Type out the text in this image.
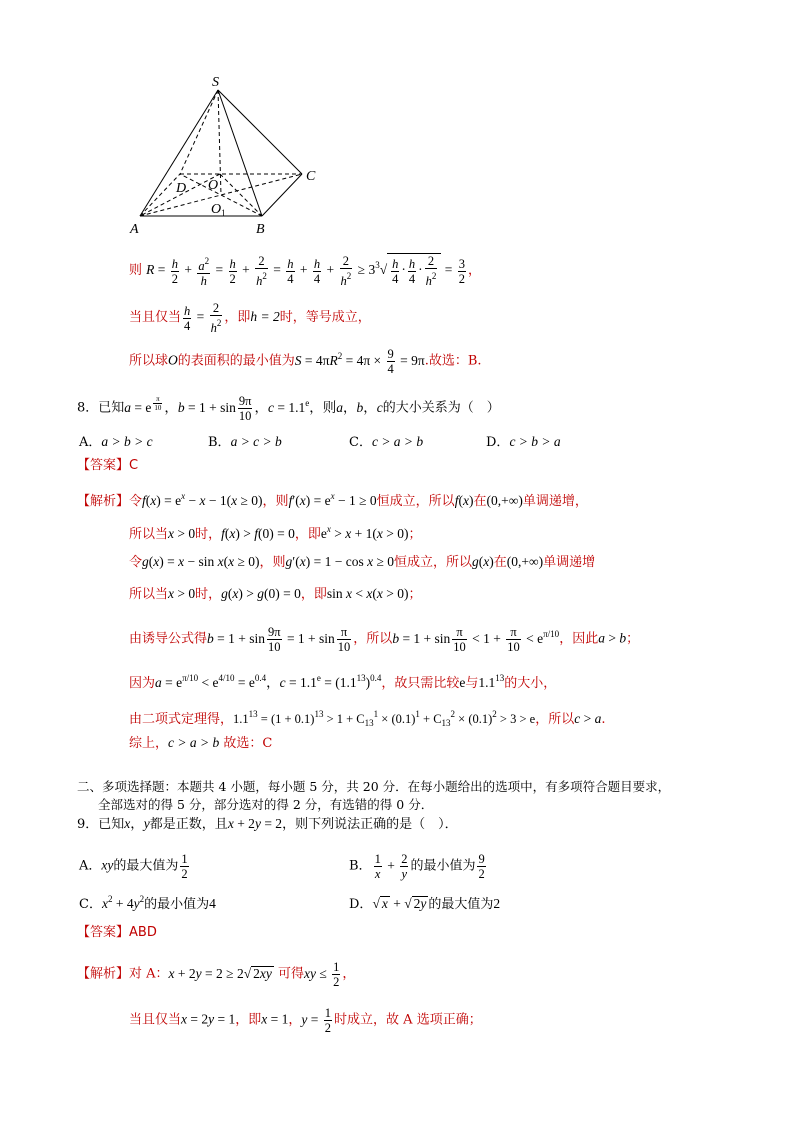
S
A	B
C
D O
$O_1$
则 $R = \frac{h}{2} + \frac{a^2}{h} = \frac{h}{2} + \frac{2}{h^2} = \frac{h}{4} + \frac{h}{4} + \frac{2}{h^2} \ge 3^3√ \frac{h}{4} \cdot \frac{h}{4} \cdot \frac{2}{h^2} = \frac{3}{2}$ ，
当且仅当 $\frac{h}{4} = \frac{2}{h^2}$ ，即h = 2时，等号成立，
所以球O的表面积的最小值为$S = 4\pi R^2 = 4\pi \times \frac{9}{4} = 9\pi$.故选：B.
8．已知a = e $^{\frac{\pi}{10}}$ ，$b = 1 + \sin \frac{9\pi}{10}$ ，c = 1.1$^e$，则a，b，c的大小关系为（　）
A．a > b > c	B．a > c > b	C．c > a > b	D．c > b > a
【答案】C
【解析】令$f(x) = e^x - x - 1(x \ge 0)$，则$f'(x) = e^x - 1 \ge 0$恒成立，所以f(x)在(0,+∞)单调递增，
所以当x > 0时，f(x) > f(0) = 0，即$e^x > x + 1(x > 0)$；
令g(x) = x − sin x(x ≥ 0)，则g′(x) = 1 − cos x ≥ 0恒成立，所以g(x)在(0,+∞)单调递增
所以当x > 0时，g(x) > g(0) = 0，即sin x < x(x > 0)；
由诱导公式得$b = 1 + \sin \frac{9\pi}{10} = 1 + \sin \frac{\pi}{10}$ ，所以$b = 1 + \sin \frac{\pi}{10} < 1 + \frac{\pi}{10} < e^{\pi/10}$，因此a > b；
因为$a = e^{\pi/10} < e^{4/10} = e^{0.4}$，$c = 1.1^e = (1.1^{13})^{0.4}$，故只需比较e与$1.1^{13}$的大小，
由二项式定理得，$1.1^{13} = (1 + 0.1)^{13} > 1 + C_{13}^1 \times (0.1)^1 + C_{13}^2 \times (0.1)^2 > 3 > e$，所以c > a.
综上，c > a > b 故选：C
二、多项选择题：本题共 4 小题，每小题 5 分，共 20 分．在每小题给出的选项中，有多项符合题目要求，
全部选对的得 5 分，部分选对的得 2 分，有选错的得 0 分．
9．已知x，y都是正数，且x + 2y = 2，则下列说法正确的是（　）．
A．xy的最大值为 $\frac{1}{2}$	B． $\frac{1}{x} + \frac{2}{y}$ 的最小值为 $\frac{9}{2}$
C．$x^2 + 4y^2$的最小值为4	D．√ x + √ 2y 的最大值为2
【答案】ABD
【解析】对 A：x + 2y = 2 ≥ 2√ 2xy 可得xy ≤ $\frac{1}{2}$ ，
当且仅当x = 2y = 1，即x = 1，$y = \frac{1}{2}$ 时成立，故 A 选项正确；
